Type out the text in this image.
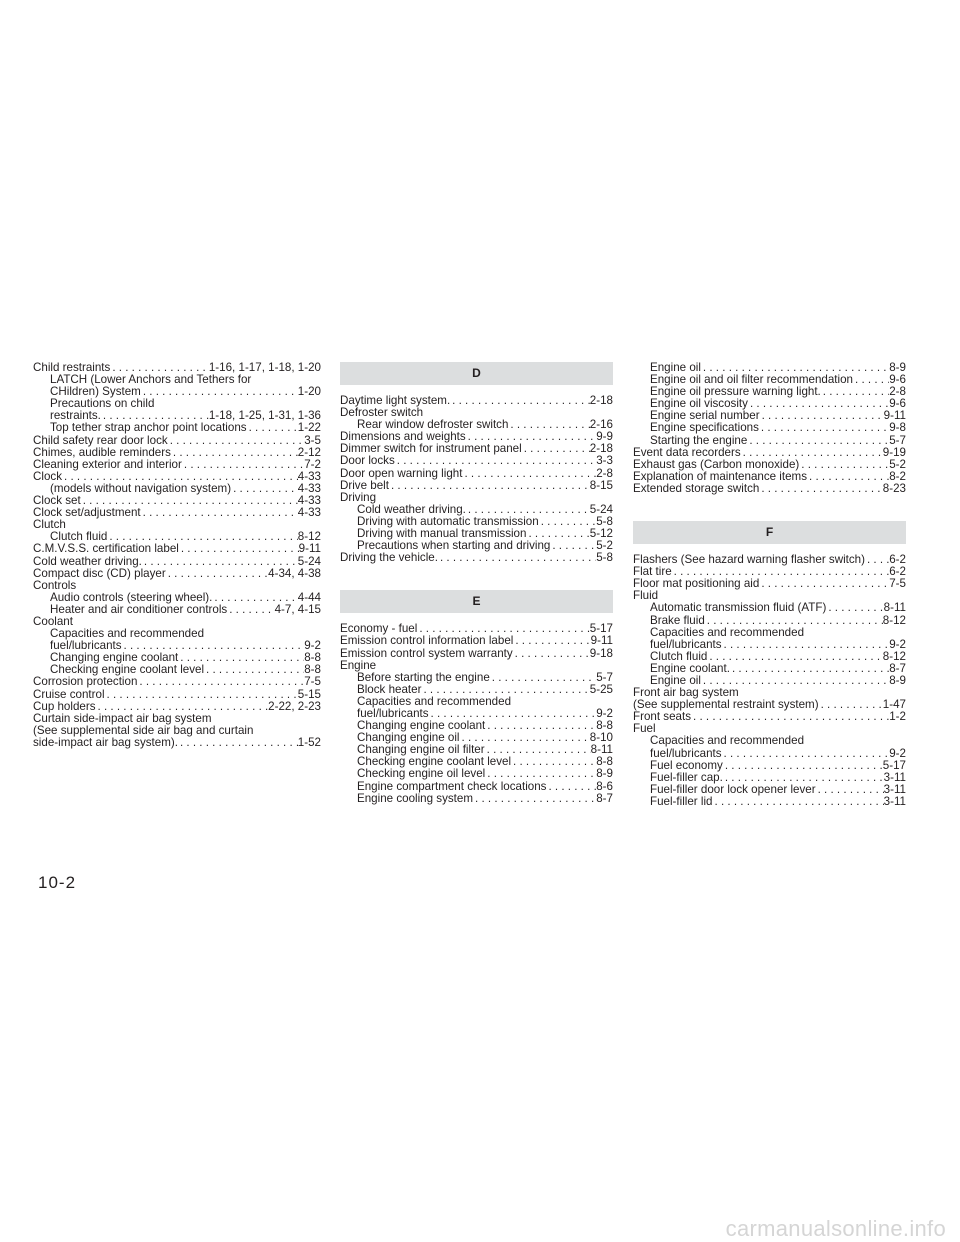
Child restraints . . .	1-16, 1-17, 1-18, 1-20
LATCH (Lower Anchors and Tethers for
CHildren) System . . .	1-20
Precautions on child
restraints. . . .	1-18, 1-25, 1-31, 1-36
Top tether strap anchor point locations . . .	1-22
Child safety rear door lock . . .	3-5
Chimes, audible reminders . . .	2-12
Cleaning exterior and interior . . .	7-2
Clock . . .	4-33
(models without navigation system) . . .	4-33
Clock set . . .	4-33
Clock set/adjustment . . .	4-33
Clutch
Clutch fluid . . .	8-12
C.M.V.S.S. certification label . . .	9-11
Cold weather driving. . . .	5-24
Compact disc (CD) player . . .	4-34, 4-38
Controls
Audio controls (steering wheel). . . .	4-44
Heater and air conditioner controls . . .	4-7, 4-15
Coolant
Capacities and recommended
fuel/lubricants . . .	9-2
Changing engine coolant . . .	8-8
Checking engine coolant level . . .	8-8
Corrosion protection . . .	7-5
Cruise control . . .	5-15
Cup holders . . .	2-22, 2-23
Curtain side-impact air bag system
(See supplemental side air bag and curtain
side-impact air bag system). . . .	1-52
D
Daytime light system. . . .	2-18
Defroster switch
Rear window defroster switch . . .	2-16
Dimensions and weights . . .	9-9
Dimmer switch for instrument panel . . .	2-18
Door locks . . .	3-3
Door open warning light . . .	2-8
Drive belt . . .	8-15
Driving
Cold weather driving. . . .	5-24
Driving with automatic transmission . . .	5-8
Driving with manual transmission . . .	5-12
Precautions when starting and driving . . .	5-2
Driving the vehicle. . . .	5-8
E
Economy - fuel . . .	5-17
Emission control information label . . .	9-11
Emission control system warranty . . .	9-18
Engine
Before starting the engine . . .	5-7
Block heater . . .	5-25
Capacities and recommended
fuel/lubricants . . .	9-2
Changing engine coolant . . .	8-8
Changing engine oil . . .	8-10
Changing engine oil filter . . .	8-11
Checking engine coolant level . . .	8-8
Checking engine oil level . . .	8-9
Engine compartment check locations . . .	8-6
Engine cooling system . . .	8-7
Engine oil . . .	8-9
Engine oil and oil filter recommendation . . .	9-6
Engine oil pressure warning light. . . .	2-8
Engine oil viscosity . . .	9-6
Engine serial number . . .	9-11
Engine specifications . . .	9-8
Starting the engine . . .	5-7
Event data recorders . . .	9-19
Exhaust gas (Carbon monoxide) . . .	5-2
Explanation of maintenance items . . .	8-2
Extended storage switch . . .	8-23
F
Flashers (See hazard warning flasher switch) . . . 6-2
Flat tire . . .	6-2
Floor mat positioning aid . . .	7-5
Fluid
Automatic transmission fluid (ATF) . . .	8-11
Brake fluid . . .	8-12
Capacities and recommended
fuel/lubricants . . .	9-2
Clutch fluid . . .	8-12
Engine coolant. . . .	8-7
Engine oil . . .	8-9
Front air bag system
(See supplemental restraint system) . . .	1-47
Front seats . . .	1-2
Fuel
Capacities and recommended
fuel/lubricants . . .	9-2
Fuel economy . . .	5-17
Fuel-filler cap. . . .	3-11
Fuel-filler door lock opener lever . . .	3-11
Fuel-filler lid . . .	3-11
10-2
carmanualsonline.info
